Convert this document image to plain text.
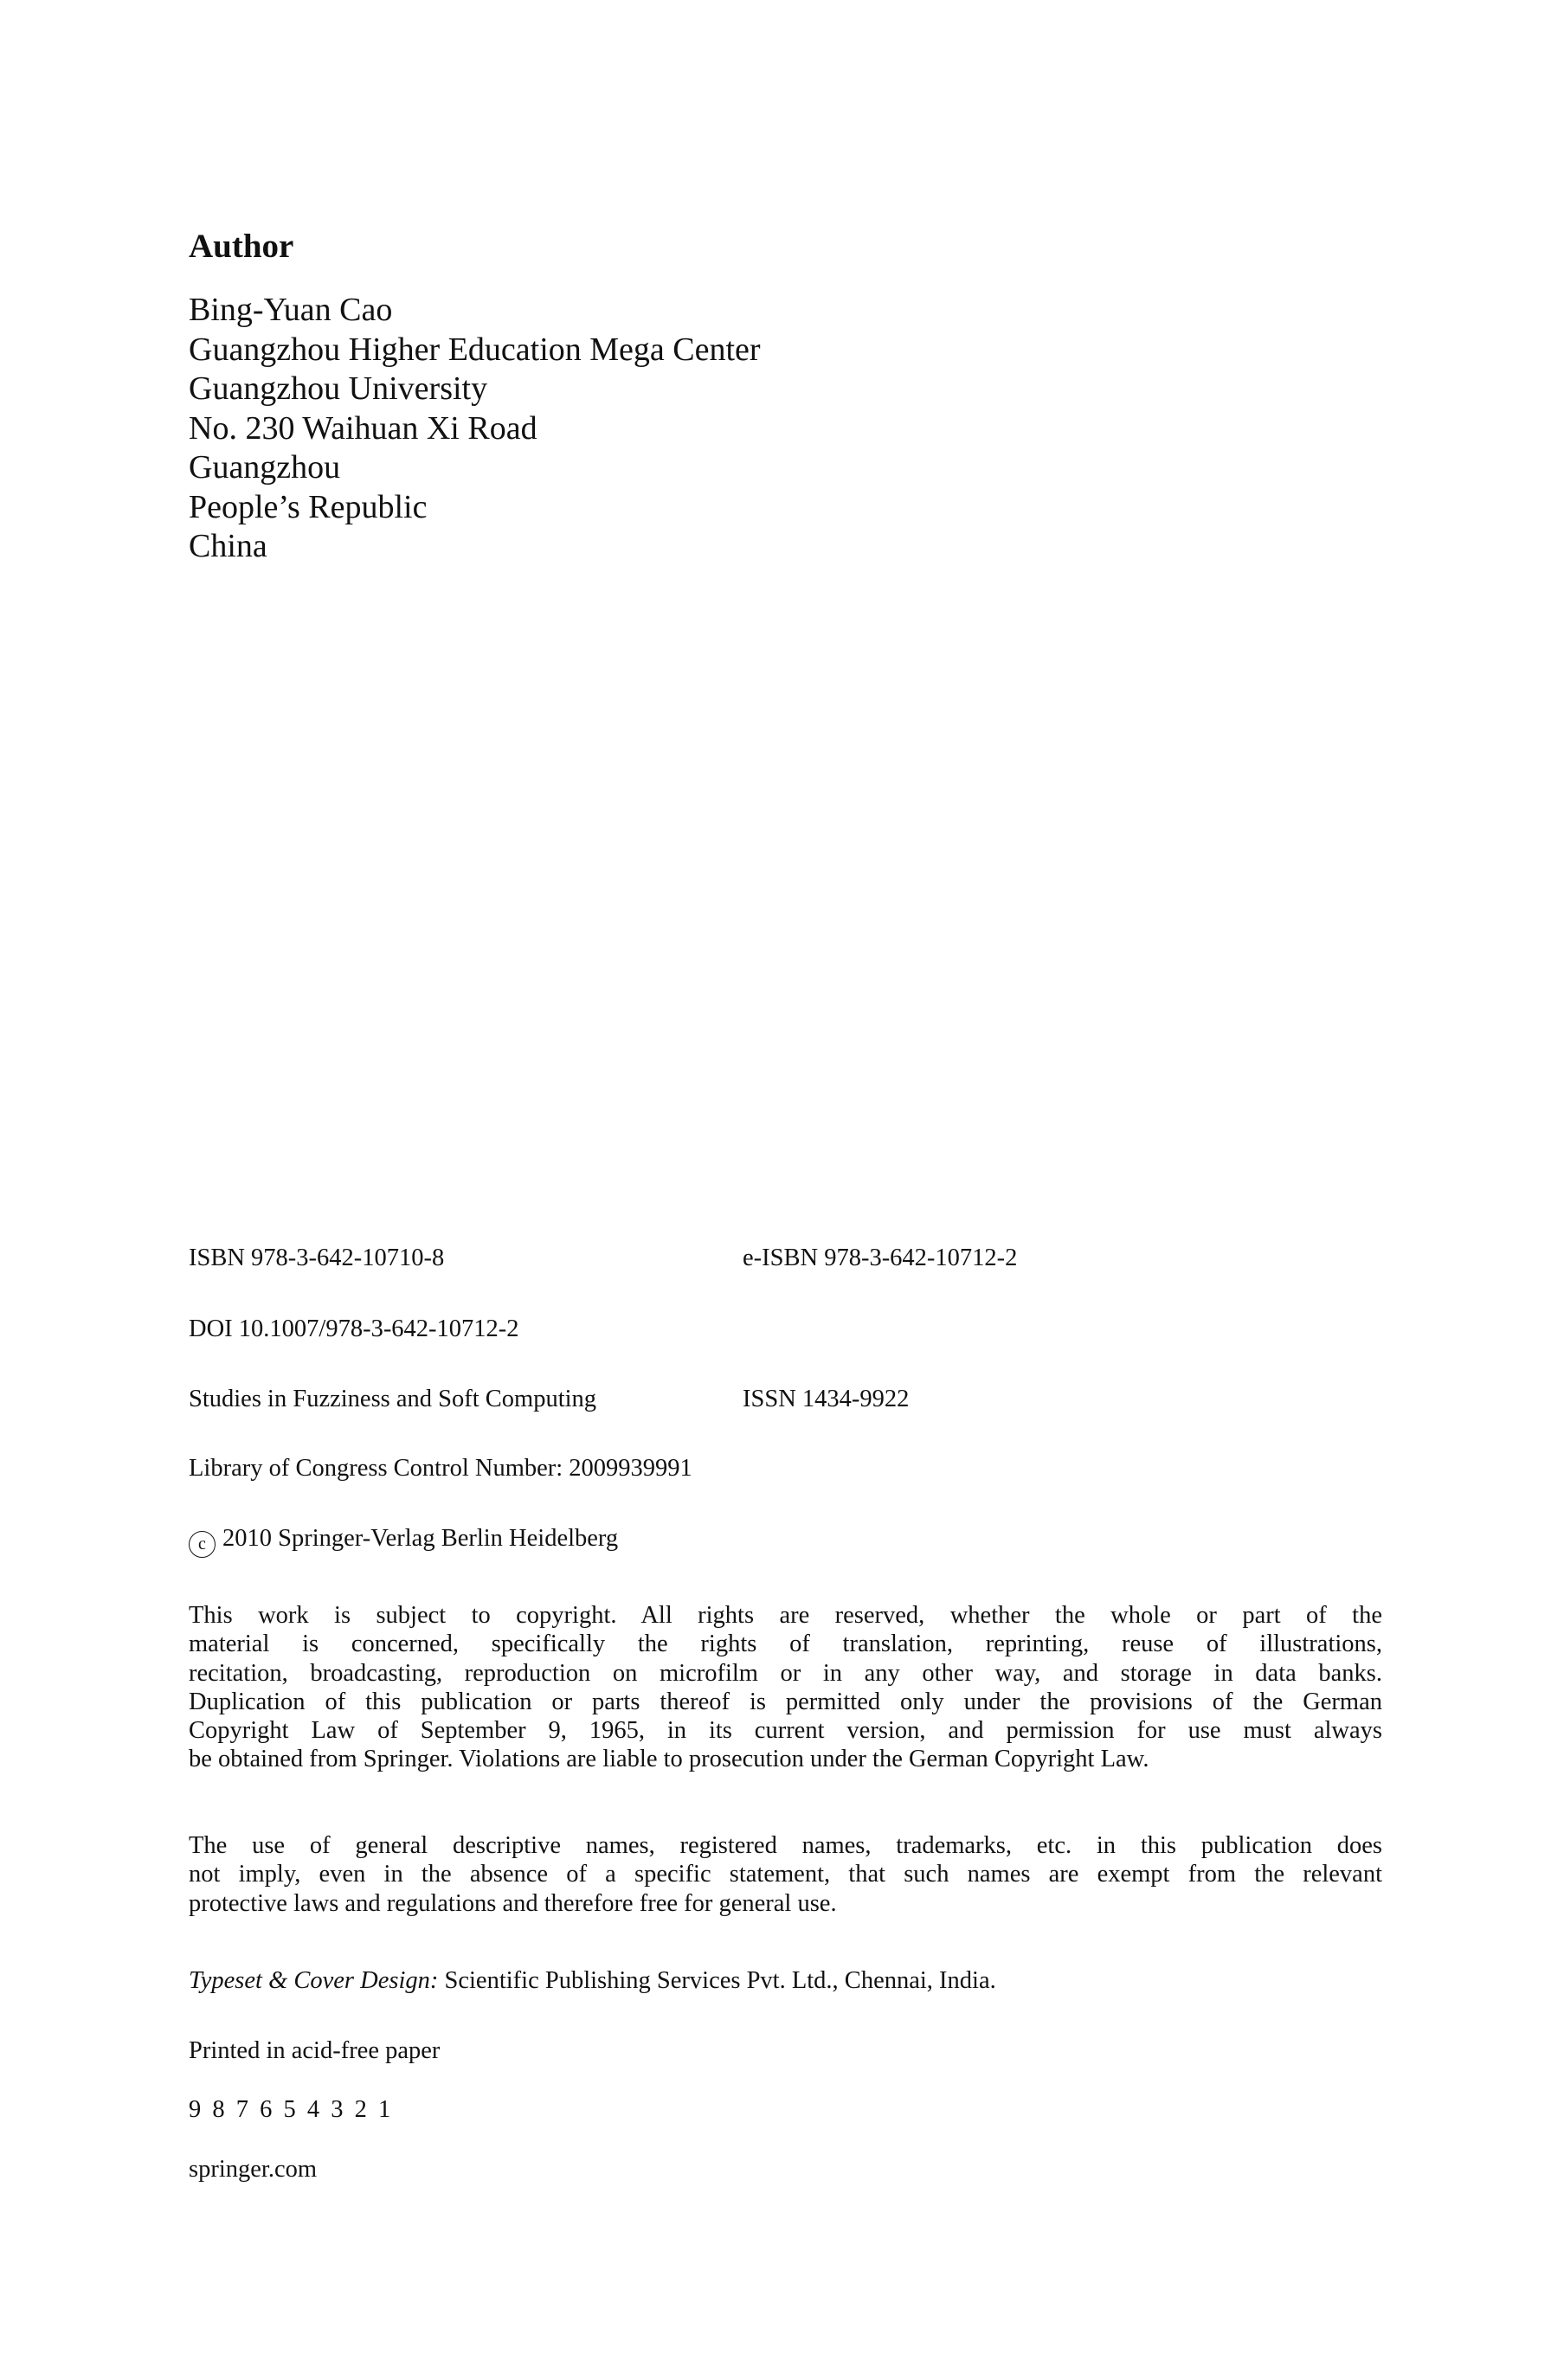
Author
Bing-Yuan Cao
Guangzhou Higher Education Mega Center
Guangzhou University
No. 230 Waihuan Xi Road
Guangzhou
People’s Republic
China
ISBN 978-3-642-10710-8	e-ISBN 978-3-642-10712-2
DOI 10.1007/978-3-642-10712-2
Studies in Fuzziness and Soft Computing	ISSN 1434-9922
Library of Congress Control Number: 2009939991
c 2010 Springer-Verlag Berlin Heidelberg

This work is subject to copyright. All rights are reserved, whether the whole or part of the
material is concerned, specifically the rights of translation, reprinting, reuse of illustrations,
recitation, broadcasting, reproduction on microfilm or in any other way, and storage in data banks.
Duplication of this publication or parts thereof is permitted only under the provisions of the German
Copyright Law of September 9, 1965, in its current version, and permission for use must always
be obtained from Springer. Violations are liable to prosecution under the German Copyright Law.

The use of general descriptive names, registered names, trademarks, etc. in this publication does
not imply, even in the absence of a specific statement, that such names are exempt from the relevant
protective laws and regulations and therefore free for general use.

Typeset & Cover Design: Scientific Publishing Services Pvt. Ltd., Chennai, India.
Printed in acid-free paper
9 8 7 6 5 4 3 2 1
springer.com
